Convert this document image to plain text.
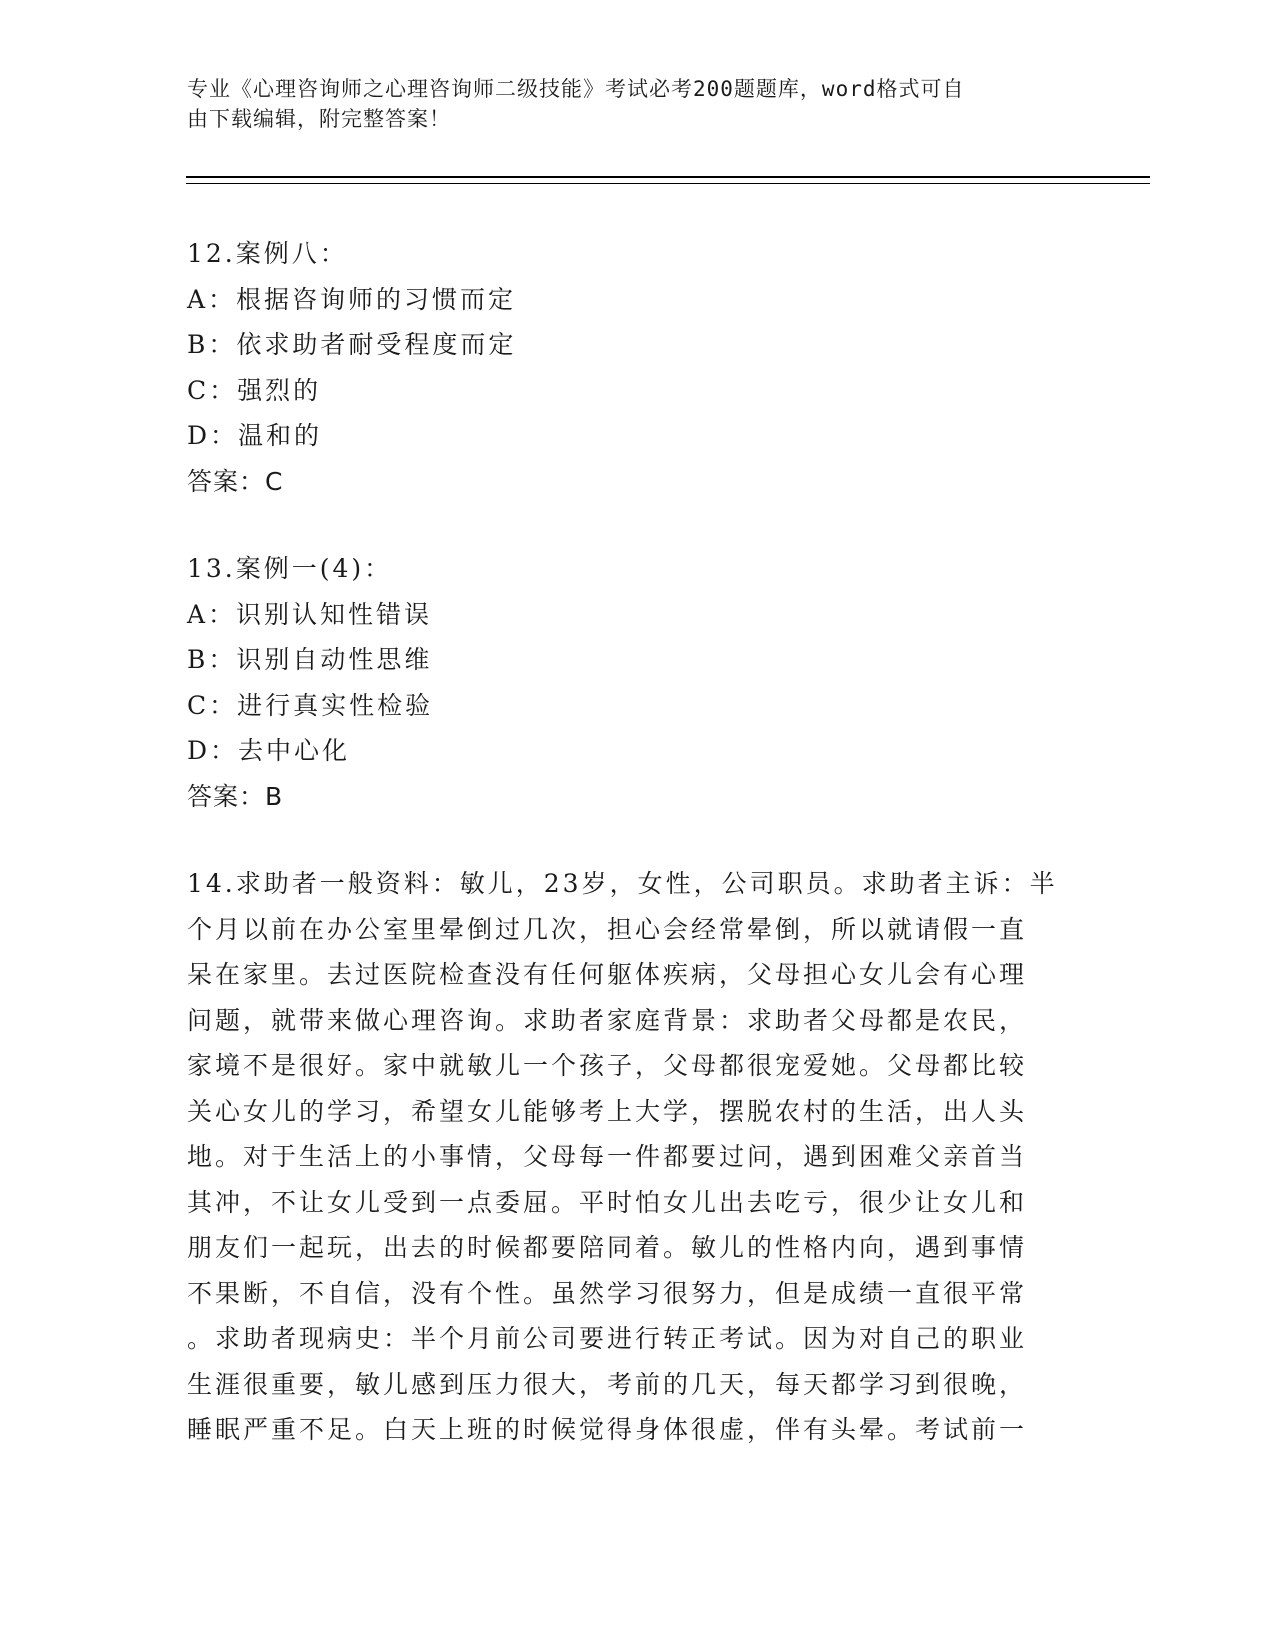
专业《心理咨询师之心理咨询师二级技能》考试必考200题题库，word格式可自
由下载编辑，附完整答案！
12.案例八：
A：根据咨询师的习惯而定
B：依求助者耐受程度而定
C：强烈的
D：温和的
答案：C
13.案例一(4)：
A：识别认知性错误
B：识别自动性思维
C：进行真实性检验
D：去中心化
答案：B
14.求助者一般资料：敏儿，23岁，女性，公司职员。求助者主诉：半
个月以前在办公室里晕倒过几次，担心会经常晕倒，所以就请假一直
呆在家里。去过医院检查没有任何躯体疾病，父母担心女儿会有心理
问题，就带来做心理咨询。求助者家庭背景：求助者父母都是农民，
家境不是很好。家中就敏儿一个孩子，父母都很宠爱她。父母都比较
关心女儿的学习，希望女儿能够考上大学，摆脱农村的生活，出人头
地。对于生活上的小事情，父母每一件都要过问，遇到困难父亲首当
其冲，不让女儿受到一点委屈。平时怕女儿出去吃亏，很少让女儿和
朋友们一起玩，出去的时候都要陪同着。敏儿的性格内向，遇到事情
不果断，不自信，没有个性。虽然学习很努力，但是成绩一直很平常
。求助者现病史：半个月前公司要进行转正考试。因为对自己的职业
生涯很重要，敏儿感到压力很大，考前的几天，每天都学习到很晚，
睡眠严重不足。白天上班的时候觉得身体很虚，伴有头晕。考试前一
